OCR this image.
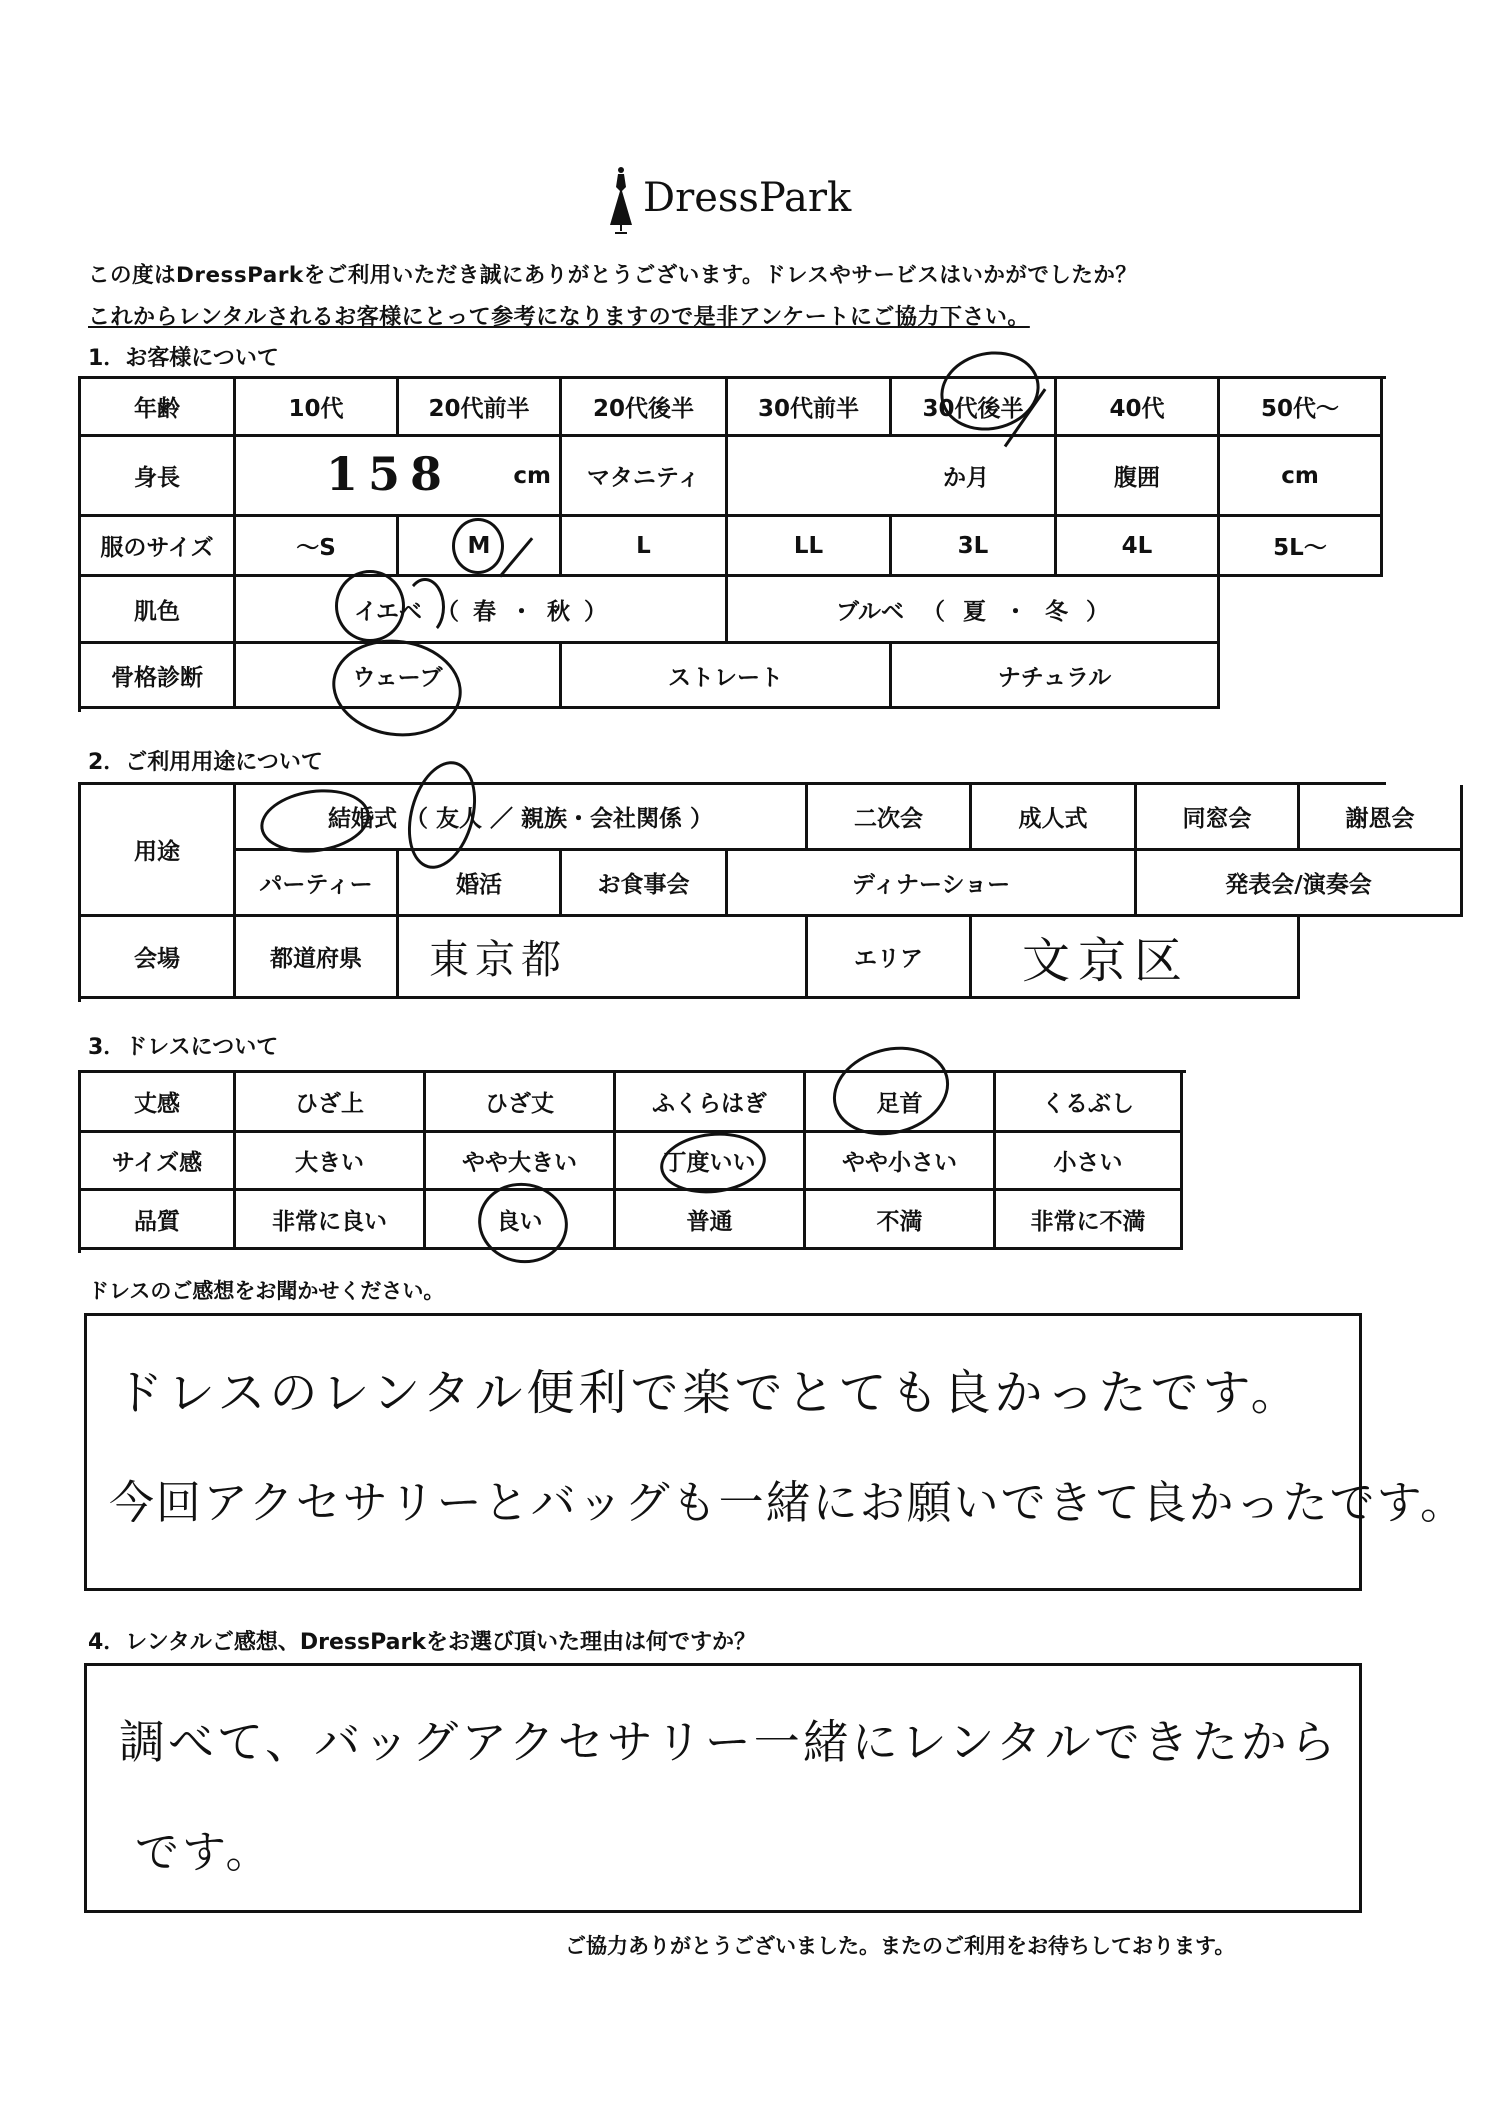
DressPark
この度はDressParkをご利用いただき誠にありがとうございます。ドレスやサービスはいかがでしたか？
これからレンタルされるお客様にとって参考になりますので是非アンケートにご協力下さい。
1．お客様について
年齢	10代	20代前半	20代後半	30代前半	30代後半	40代	50代～
身長	158	cm	マタニティ	か月	腹囲	cm
服のサイズ	～S	M	L	LL	3L	4L	5L～
肌色	イエベ （ 春 ・ 秋 ）	ブルベ （ 夏 ・ 冬 ）
骨格診断	ウェーブ	ストレート	ナチュラル
2．ご利用用途について
用途
結婚式 （ 友人 ／ 親族・会社関係 ）	二次会	成人式	同窓会	謝恩会
パーティー	婚活	お食事会	ディナーショー	発表会/演奏会
会場	都道府県	東京都	エリア	文京区
3．ドレスについて
丈感	ひざ上	ひざ丈	ふくらはぎ	足首	くるぶし
サイズ感	大きい	やや大きい	丁度いい	やや小さい	小さい
品質	非常に良い	良い	普通	不満	非常に不満
ドレスのご感想をお聞かせください。
ドレスのレンタル便利で楽でとても良かったです。
今回アクセサリーとバッグも一緒にお願いできて良かったです。
4．レンタルご感想、DressParkをお選び頂いた理由は何ですか？
調べて、バッグアクセサリー一緒にレンタルできたから
です。
ご協力ありがとうございました。またのご利用をお待ちしております。
